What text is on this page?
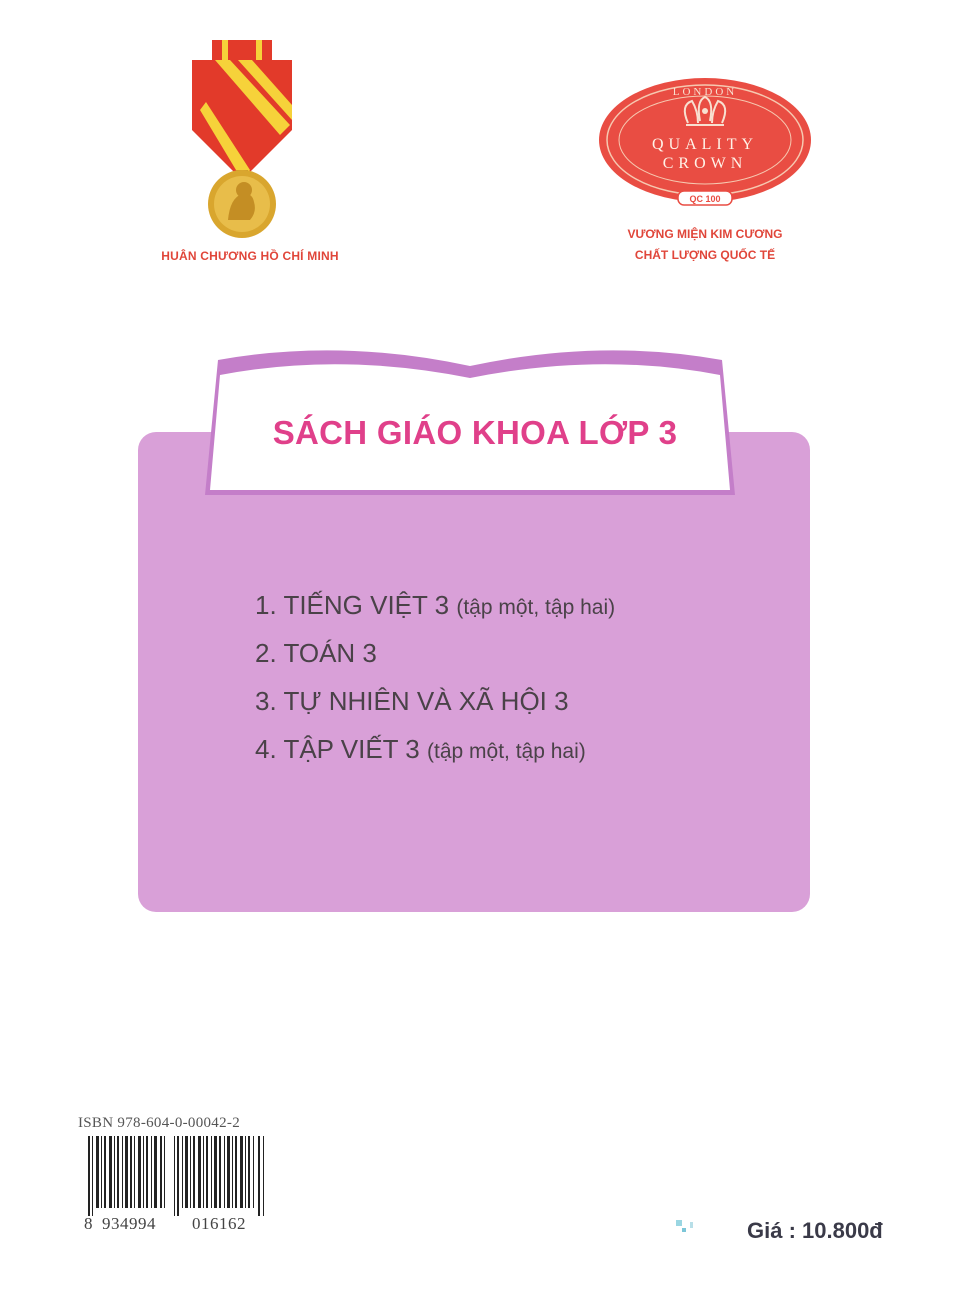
HUÂN CHƯƠNG HỒ CHÍ MINH
LONDON
QUALITY
CROWN
QC 100
VƯƠNG MIỆN KIM CƯƠNG
CHẤT LƯỢNG QUỐC TẾ
SÁCH GIÁO KHOA LỚP 3
1. TIẾNG VIỆT 3 (tập một, tập hai)
2. TOÁN 3
3. TỰ NHIÊN VÀ XÃ HỘI 3
4. TẬP VIẾT 3 (tập một, tập hai)
ISBN 978-604-0-00042-2
8 934994 016162	Giá : 10.800đ
